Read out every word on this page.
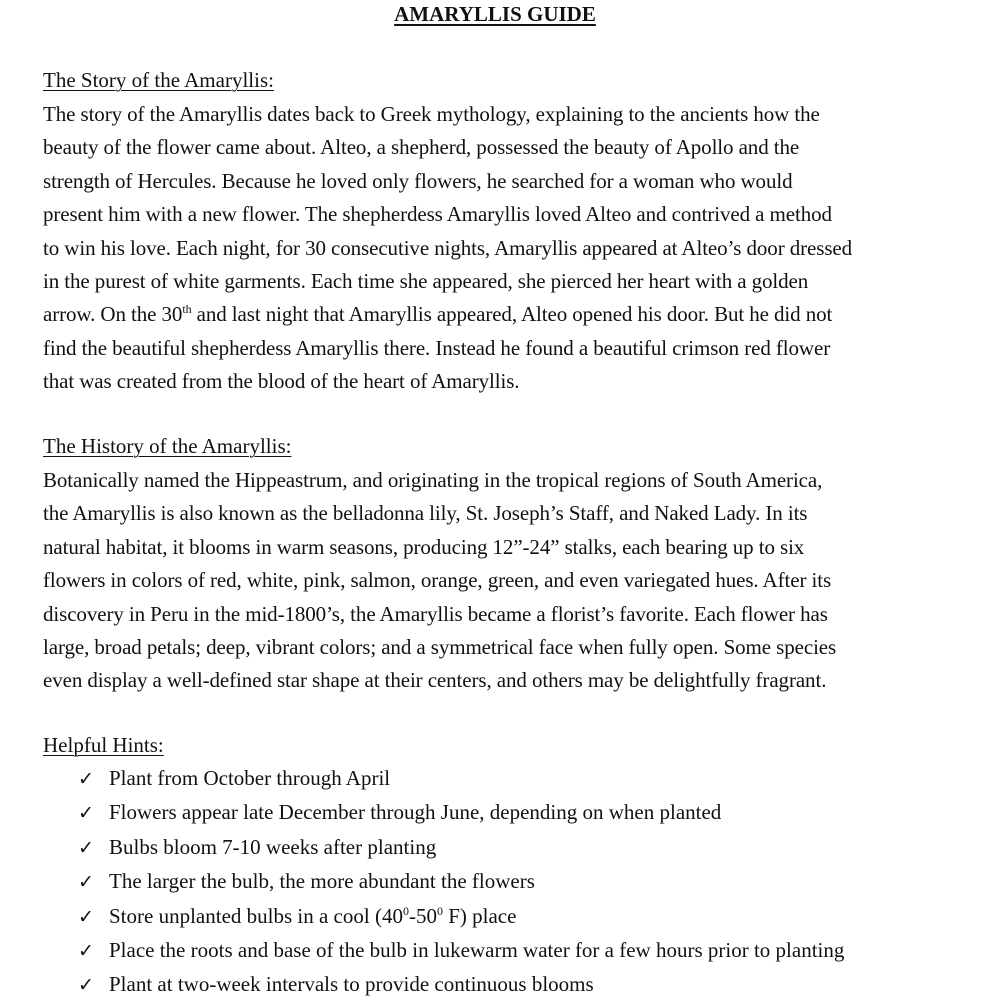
AMARYLLIS GUIDE
The Story of the Amaryllis:
The story of the Amaryllis dates back to Greek mythology, explaining to the ancients how the
beauty of the flower came about. Alteo, a shepherd, possessed the beauty of Apollo and the
strength of Hercules. Because he loved only flowers, he searched for a woman who would
present him with a new flower. The shepherdess Amaryllis loved Alteo and contrived a method
to win his love. Each night, for 30 consecutive nights, Amaryllis appeared at Alteo’s door dressed
in the purest of white garments. Each time she appeared, she pierced her heart with a golden
arrow. On the 30th and last night that Amaryllis appeared, Alteo opened his door. But he did not
find the beautiful shepherdess Amaryllis there. Instead he found a beautiful crimson red flower
that was created from the blood of the heart of Amaryllis.
The History of the Amaryllis:
Botanically named the Hippeastrum, and originating in the tropical regions of South America,
the Amaryllis is also known as the belladonna lily, St. Joseph’s Staff, and Naked Lady. In its
natural habitat, it blooms in warm seasons, producing 12”-24” stalks, each bearing up to six
flowers in colors of red, white, pink, salmon, orange, green, and even variegated hues. After its
discovery in Peru in the mid-1800’s, the Amaryllis became a florist’s favorite. Each flower has
large, broad petals; deep, vibrant colors; and a symmetrical face when fully open. Some species
even display a well-defined star shape at their centers, and others may be delightfully fragrant.
Helpful Hints:
✓ Plant from October through April
✓ Flowers appear late December through June, depending on when planted
✓ Bulbs bloom 7-10 weeks after planting
✓ The larger the bulb, the more abundant the flowers
✓ Store unplanted bulbs in a cool ($40^0-50^0$ F) place
✓ Place the roots and base of the bulb in lukewarm water for a few hours prior to planting
✓ Plant at two-week intervals to provide continuous blooms
